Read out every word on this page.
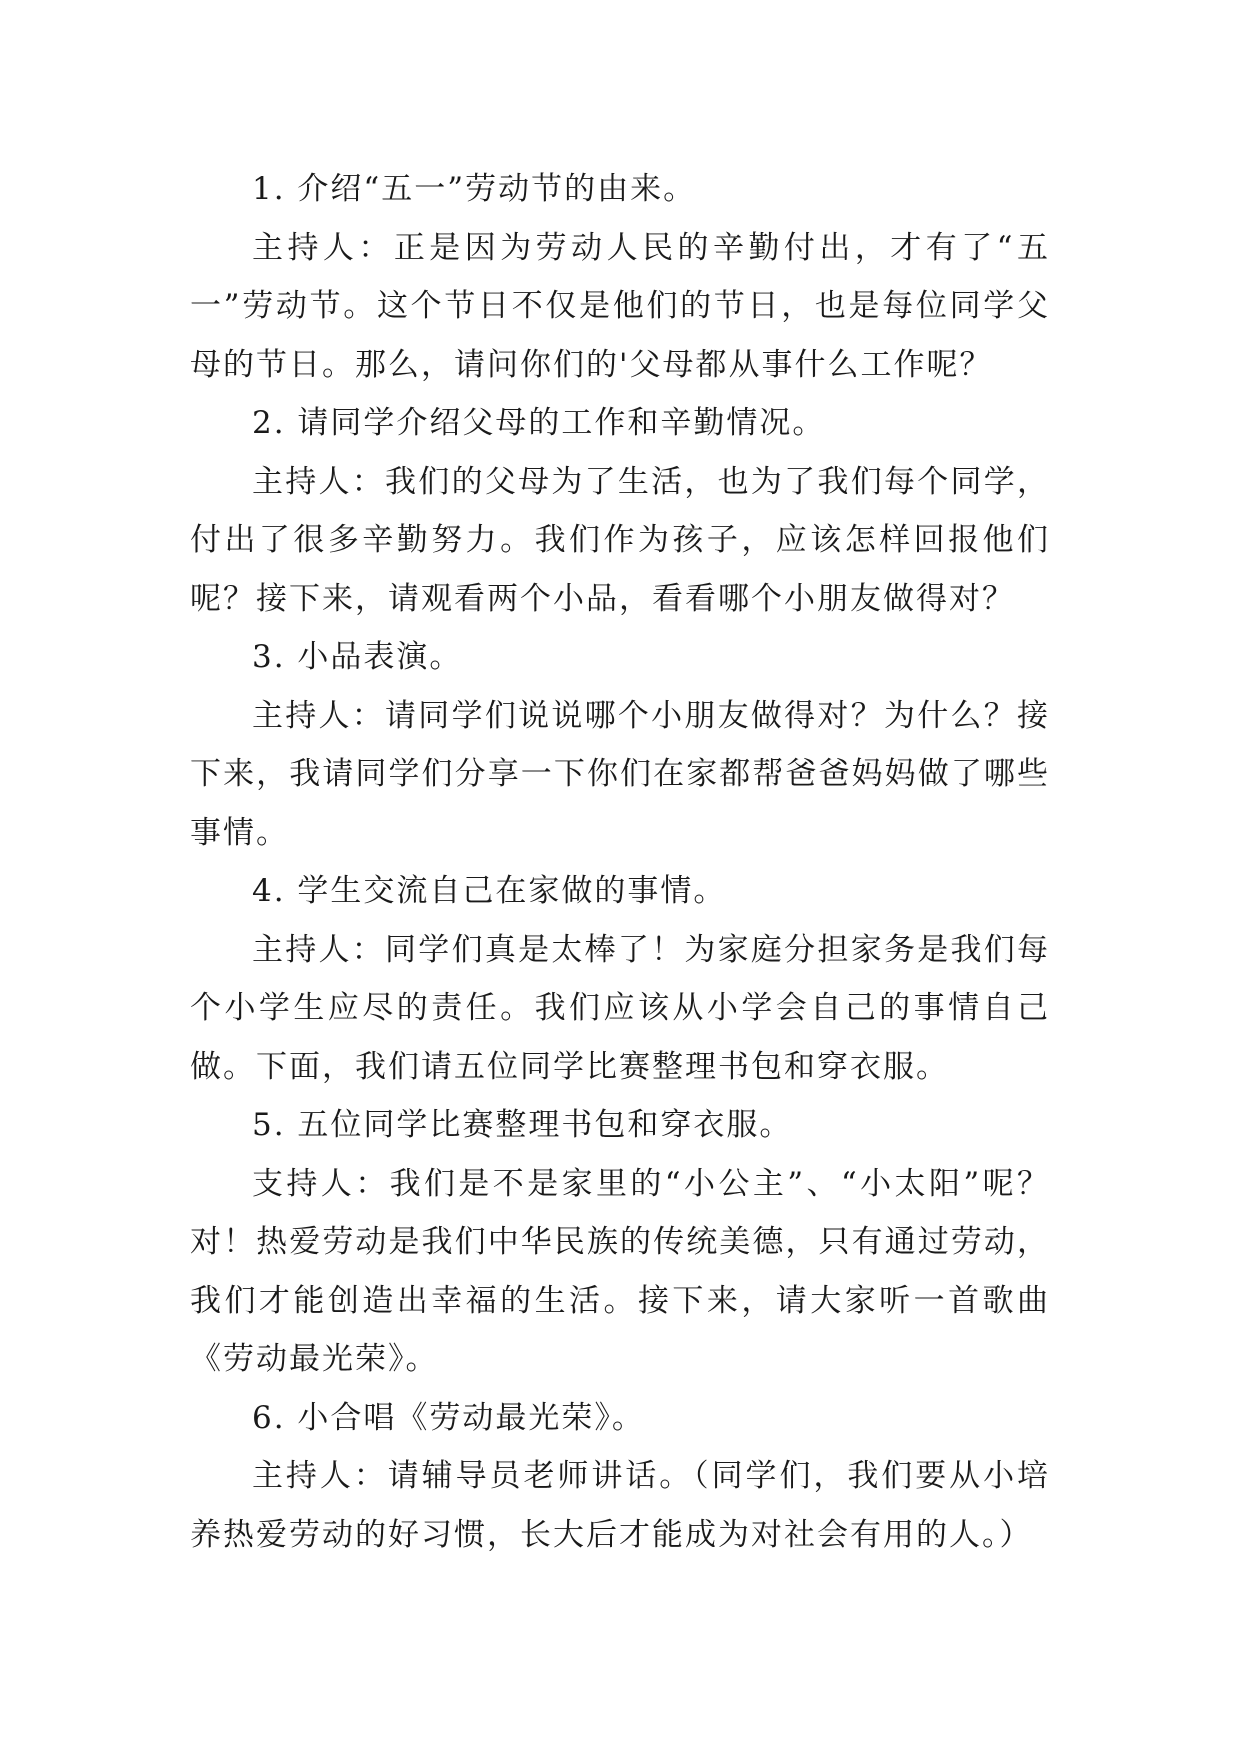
1. 介绍“五一”劳动节的由来。

主持人：正是因为劳动人民的辛勤付出，才有了“五一”劳动节。这个节日不仅是他们的节日，也是每位同学父母的节日。那么，请问你们的'父母都从事什么工作呢？

2. 请同学介绍父母的工作和辛勤情况。

主持人：我们的父母为了生活，也为了我们每个同学，付出了很多辛勤努力。我们作为孩子，应该怎样回报他们呢？接下来，请观看两个小品，看看哪个小朋友做得对？

3. 小品表演。

主持人：请同学们说说哪个小朋友做得对？为什么？接下来，我请同学们分享一下你们在家都帮爸爸妈妈做了哪些事情。

4. 学生交流自己在家做的事情。

主持人：同学们真是太棒了！为家庭分担家务是我们每个小学生应尽的责任。我们应该从小学会自己的事情自己做。下面，我们请五位同学比赛整理书包和穿衣服。

5. 五位同学比赛整理书包和穿衣服。

支持人：我们是不是家里的“小公主”、“小太阳”呢？对！热爱劳动是我们中华民族的传统美德，只有通过劳动，我们才能创造出幸福的生活。接下来，请大家听一首歌曲《劳动最光荣》。

6. 小合唱《劳动最光荣》。

主持人：请辅导员老师讲话。（同学们，我们要从小培养热爱劳动的好习惯，长大后才能成为对社会有用的人。）
